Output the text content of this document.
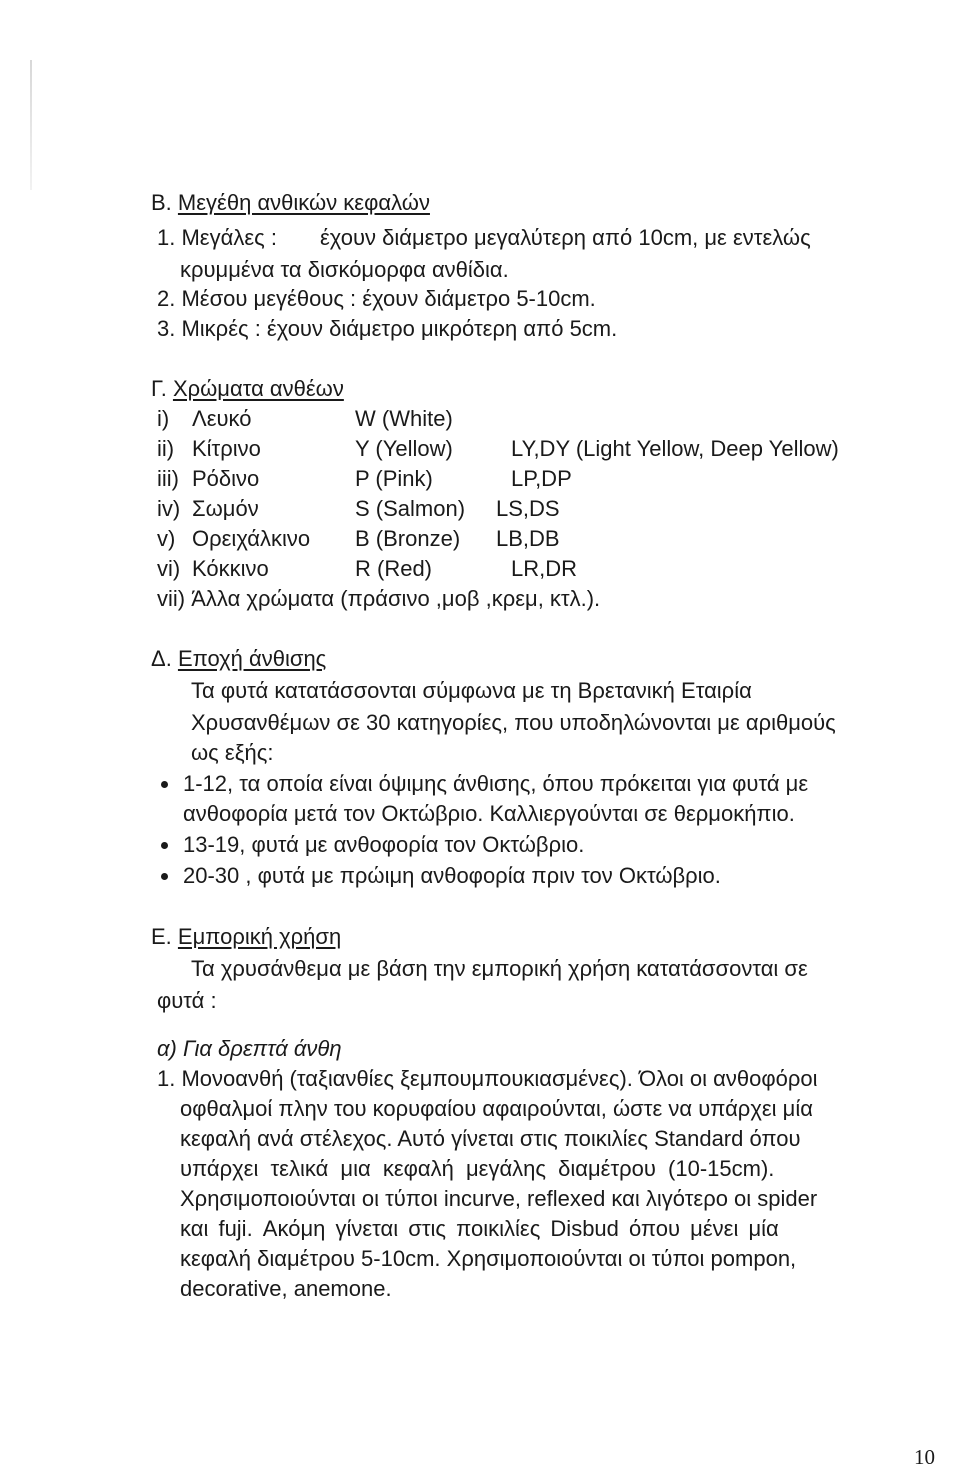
B. Μεγέθη ανθικών κεφαλών
1. Μεγάλες : έχουν διάμετρο μεγαλύτερη από 10cm, με εντελώς
κρυμμένα τα δισκόμορφα ανθίδια.
2. Μέσου μεγέθους : έχουν διάμετρο 5-10cm.
3. Μικρές : έχουν διάμετρο μικρότερη από 5cm.
Γ. Χρώματα ανθέων
i) Λευκό	W (White)
ii) Κίτρινο	Y (Yellow)	LY,DY (Light Yellow, Deep Yellow)
iii) Ρόδινο	P (Pink)	LP,DP
iv) Σωμόν	S (Salmon) LS,DS
v) Ορειχάλκινο B (Bronze) LB,DB
vi) Κόκκινο	R (Red)	LR,DR
vii) Άλλα χρώματα (πράσινο ,μοβ ,κρεμ, κτλ.).
Δ. Εποχή άνθισης
Τα φυτά κατατάσσονται σύμφωνα με τη Βρετανική Εταιρία
Χρυσανθέμων σε 30 κατηγορίες, που υποδηλώνονται με αριθμούς
ως εξής:
1-12, τα οποία είναι όψιμης άνθισης, όπου πρόκειται για φυτά με
ανθοφορία μετά τον Οκτώβριο. Καλλιεργούνται σε θερμοκήπιο.
13-19, φυτά με ανθοφορία τον Οκτώβριο.
20-30 , φυτά με πρώιμη ανθοφορία πριν τον Οκτώβριο.
Ε. Εμπορική χρήση
Τα χρυσάνθεμα με βάση την εμπορική χρήση κατατάσσονται σε
φυτά :
α) Για δρεπτά άνθη
1. Μονοανθή (ταξιανθίες ξεμπουμπουκιασμένες). Όλοι οι ανθοφόροι
οφθαλμοί πλην του κορυφαίου αφαιρούνται, ώστε να υπάρχει μία
κεφαλή ανά στέλεχος. Αυτό γίνεται στις ποικιλίες Standard όπου
υπάρχει τελικά μια κεφαλή μεγάλης διαμέτρου (10-15cm).
Χρησιμοποιούνται οι τύποι incurve, reflexed και λιγότερο οι spider
και fuji. Ακόμη γίνεται στις ποικιλίες Disbud όπου μένει μία
κεφαλή διαμέτρου 5-10cm. Χρησιμοποιούνται οι τύποι pompon,
decorative, anemone.
10
